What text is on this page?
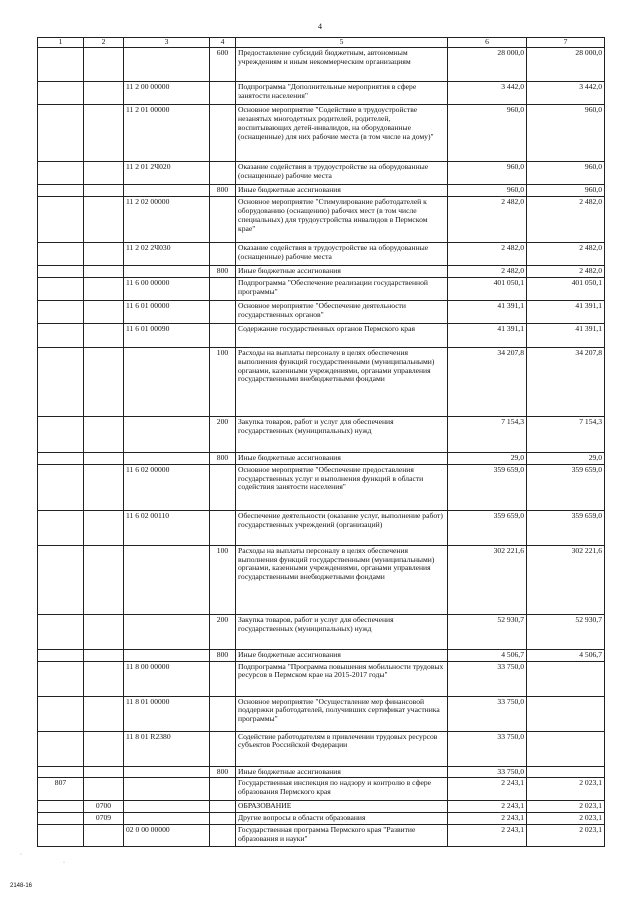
4
1	2	3	4	5	6	7
			600	Предоставление субсидий бюджетным, автономным учреждениям и иным некоммерческим организациям	28 000,0	28 000,0
		11 2 00 00000		Подпрограмма "Дополнительные мероприятия в сфере занятости населения"	3 442,0	3 442,0
		11 2 01 00000		Основное мероприятие "Содействие в трудоустройстве незанятых многодетных родителей, родителей, воспитывающих детей-инвалидов, на оборудованные (оснащенные) для них рабочие места (в том числе на дому)"	960,0	960,0
		11 2 01 2Ч020		Оказание содействия в трудоустройстве на оборудованные (оснащенные) рабочие места	960,0	960,0
			800	Иные бюджетные ассигнования	960,0	960,0
		11 2 02 00000		Основное мероприятие "Стимулирование работодателей к оборудованию (оснащению) рабочих мест (в том числе специальных) для трудоустройства инвалидов в Пермском крае"	2 482,0	2 482,0
		11 2 02 2Ч030		Оказание содействия в трудоустройстве на оборудованные (оснащенные) рабочие места	2 482,0	2 482,0
			800	Иные бюджетные ассигнования	2 482,0	2 482,0
		11 6 00 00000		Подпрограмма "Обеспечение реализации государственной программы"	401 050,1	401 050,1
		11 6 01 00000		Основное мероприятие "Обеспечение деятельности государственных органов"	41 391,1	41 391,1
		11 6 01 00090		Содержание государственных органов Пермского края	41 391,1	41 391,1
			100	Расходы на выплаты персоналу в целях обеспечения выполнения функций государственными (муниципальными) органами, казенными учреждениями, органами управления государственными внебюджетными фондами	34 207,8	34 207,8
			200	Закупка товаров, работ и услуг для обеспечения государственных (муниципальных) нужд	7 154,3	7 154,3
			800	Иные бюджетные ассигнования	29,0	29,0
		11 6 02 00000		Основное мероприятие "Обеспечение предоставления государственных услуг и выполнения функций в области содействия занятости населения"	359 659,0	359 659,0
		11 6 02 00110		Обеспечение деятельности (оказание услуг, выполнение работ) государственных учреждений (организаций)	359 659,0	359 659,0
			100	Расходы на выплаты персоналу в целях обеспечения выполнения функций государственными (муниципальными) органами, казенными учреждениями, органами управления государственными внебюджетными фондами	302 221,6	302 221,6
			200	Закупка товаров, работ и услуг для обеспечения государственных (муниципальных) нужд	52 930,7	52 930,7
			800	Иные бюджетные ассигнования	4 506,7	4 506,7
		11 8 00 00000		Подпрограмма "Программа повышения мобильности трудовых ресурсов в Пермском крае на 2015-2017 годы"	33 750,0	
		11 8 01 00000		Основное мероприятие "Осуществление мер финансовой поддержки работодателей, получивших сертификат участника программы"	33 750,0	
		11 8 01 R2380		Содействие работодателям в привлечении трудовых ресурсов субъектов Российской Федерации	33 750,0	
			800	Иные бюджетные ассигнования	33 750,0	
807				Государственная инспекция по надзору и контролю в сфере образования Пермского края	2 243,1	2 023,1
	0700			ОБРАЗОВАНИЕ	2 243,1	2 023,1
	0709			Другие вопросы в области образования	2 243,1	2 023,1
		02 0 00 00000		Государственная программа Пермского края "Развитие образования и науки"	2 243,1	2 023,1
·
·
2148-16
